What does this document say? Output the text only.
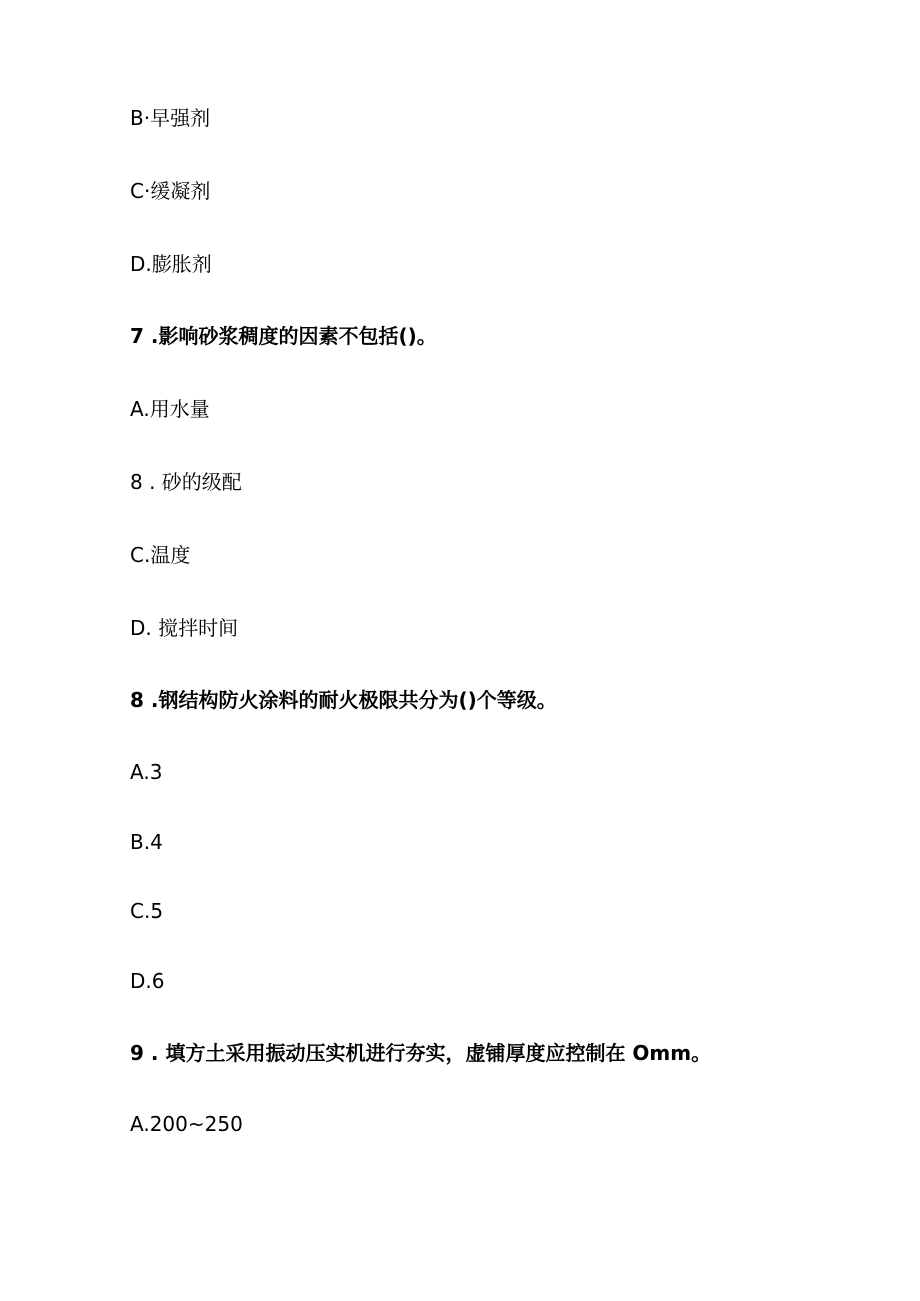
B·早强剂
C·缓凝剂
D.膨胀剂
7 .影响砂浆稠度的因素不包括()。
A.用水量
8 . 砂的级配
C.温度
D. 搅拌时间
8 .钢结构防火涂料的耐火极限共分为()个等级。
A.3
B.4
C.5
D.6
9 . 填方土采用振动压实机进行夯实，虚铺厚度应控制在 Omm。
A.200~250
